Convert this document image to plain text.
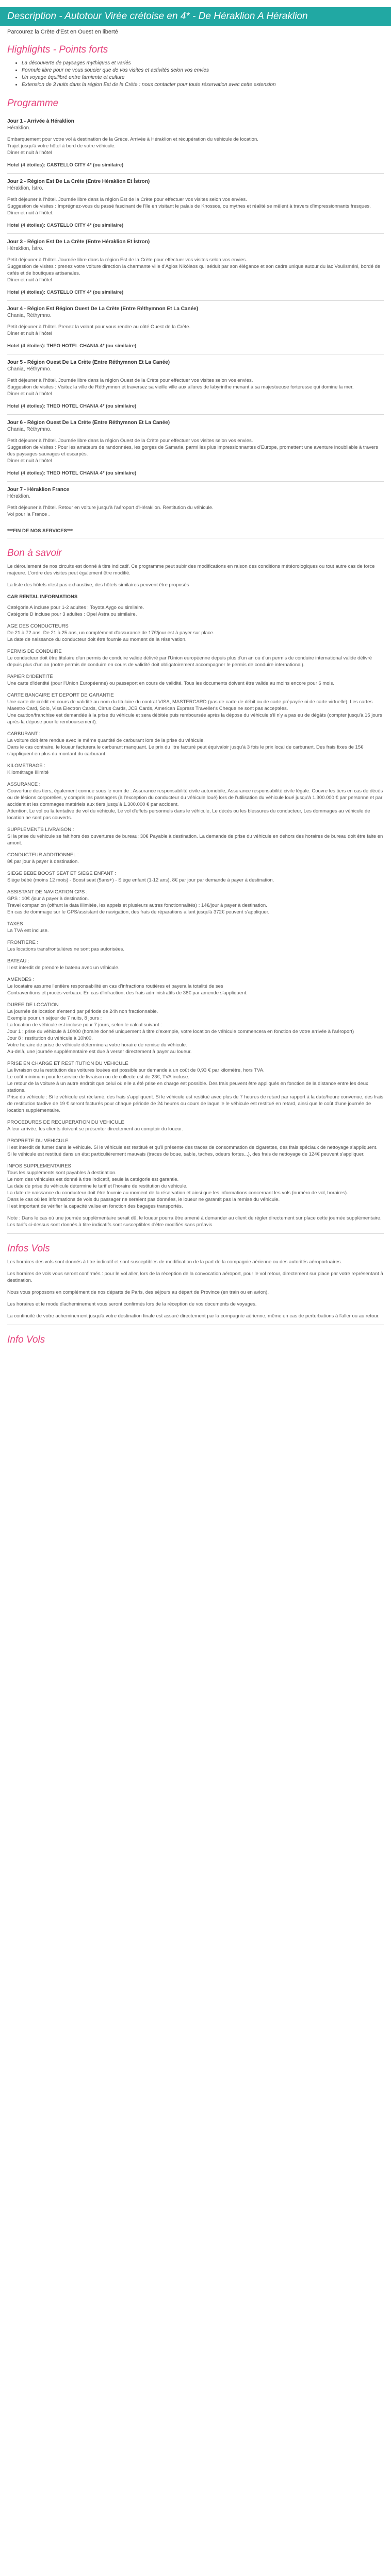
Description - Autotour Virée crétoise en 4* - De Héraklion A Héraklion
Parcourez la Crète d'Est en Ouest en liberté
Highlights - Points forts
• La découverte de paysages mythiques et variés
• Formule libre pour ne vous soucier que de vos visites et activités selon vos envies
• Un voyage équilibré entre farniente et culture
• Extension de 3 nuits dans la région Est de la Crète : nous contacter pour toute réservation avec cette extension
Programme
Jour 1 - Arrivée à Héraklion
Héraklion.

Embarquement pour votre vol à destination de la Grèce. Arrivée à Héraklion et récupération du véhicule de location.

Trajet jusqu'à votre hôtel à bord de votre véhicule.

Dîner et nuit à l'hôtel

Hotel (4 étoiles): CASTELLO CITY 4* (ou similaire)
Jour 2 - Région Est De La Crète (Entre Héraklion Et Ístron)
Héraklion, Ístro.

Petit déjeuner à l'hôtel. Journée libre dans la région Est de la Crète pour effectuer vos visites selon vos envies.

Suggestion de visites : Imprégnez-vous du passé fascinant de l'île en visitant le palais de Knossos, ou mythes et réalité se mêlent à travers d'impressionnants fresques.

Dîner et nuit à l'hôtel.

Hotel (4 étoiles): CASTELLO CITY 4* (ou similaire)
Jour 3 - Région Est De La Crète (Entre Héraklion Et Ístron)
Héraklion, Ístro.

Petit déjeuner à l'hôtel. Journée libre dans la région Est de la Crète pour effectuer vos visites selon vos envies.

Suggestion de visites : prenez votre voiture direction la charmante ville d'Ágios Nikólaos qui séduit par son élégance et son cadre unique autour du lac Voulisméni, bordé de cafés et de boutiques artisanales.

Dîner et nuit à l'hôtel

Hotel (4 étoiles): CASTELLO CITY 4* (ou similaire)
Jour 4 - Région Est Région Ouest De La Crète (Entre Réthymnon Et La Canée)
Chania, Réthymno.

Petit déjeuner à l'hôtel. Prenez la volant pour vous rendre au côté Ouest de la Crète.

Dîner et nuit à l'hôtel

Hotel (4 étoiles): THEO HOTEL CHANIA 4* (ou similaire)
Jour 5 - Région Ouest De La Crète (Entre Réthymnon Et La Canée)
Chania, Réthymno.

Petit déjeuner à l'hôtel. Journée libre dans la région Ouest de la Crète pour effectuer vos visites selon vos envies.

Suggestion de visites : Visitez la ville de Réthymnon et traversez sa vieille ville aux allures de labyrinthe menant à sa majestueuse forteresse qui domine la mer.

Dîner et nuit à l'hôtel

Hotel (4 étoiles): THEO HOTEL CHANIA 4* (ou similaire)
Jour 6 - Région Ouest De La Crète (Entre Réthymnon Et La Canée)
Chania, Réthymno.

Petit déjeuner à l'hôtel. Journée libre dans la région Ouest de la Crète pour effectuer vos visites selon vos envies.

Suggestion de visites : Pour les amateurs de randonnées, les gorges de Samaria, parmi les plus impressionnantes d'Europe, promettent une aventure inoubliable à travers des paysages sauvages et escarpés.

Dîner et nuit à l'hôtel

Hotel (4 étoiles): THEO HOTEL CHANIA 4* (ou similaire)
Jour 7 - Héraklion France
Héraklion.

Petit déjeuner à l'hôtel. Retour en voiture jusqu'à l'aéroport d'Héraklion. Restitution du véhicule.

Vol pour la France .

***FIN DE NOS SERVICES***
Bon à savoir

Le déroulement de nos circuits est donné à titre indicatif. Ce programme peut subir des modifications en raison des conditions météorologiques ou tout autre cas de force majeure. L'ordre des visites peut également être modifié.

La liste des hôtels n'est pas exhaustive, des hôtels similaires peuvent être proposés

CAR RENTAL INFORMATIONS

Catégorie A incluse pour 1-2 adultes : Toyota Aygo ou similaire.
Catégorie D incluse pour 3 adultes : Opel Astra ou similaire.

AGE DES CONDUCTEURS

De 21 à 72 ans. De 21 à 25 ans, un complément d'assurance de 17€/jour est à payer sur place.
La date de naissance du conducteur doit être fournie au moment de la réservation.

PERMIS DE CONDUIRE

Le conducteur doit être titulaire d'un permis de conduire valide délivré par l'Union européenne depuis plus d'un an ou d'un permis de conduire international valide délivré depuis plus d'un an (notre permis de conduire en cours de validité doit obligatoirement accompagner le permis de conduire international).

PAPIER D'IDENTITÉ

Une carte d'identité (pour l'Union Européenne) ou passeport en cours de validité. Tous les documents doivent être valide au moins encore pour 6 mois.

CARTE BANCAIRE ET DEPORT DE GARANTIE

Une carte de crédit en cours de validité au nom du titulaire du contrat VISA, MASTERCARD (pas de carte de débit ou de carte prépayée ni de carte virtuelle). Les cartes Maestro Card, Solo, Visa Electron Cards, Cirrus Cards, JCB Cards, American Express Traveller's Cheque ne sont pas acceptées.
Une caution/franchise est demandée à la prise du véhicule et sera débitée puis remboursée après la dépose du véhicule s'il n'y a pas eu de dégâts (compter jusqu'à 15 jours après la dépose pour le remboursement).

CARBURANT :

La voiture doit être rendue avec le même quantité de carburant lors de la prise du véhicule.
Dans le cas contraire, le loueur facturera le carburant manquant. Le prix du litre facturé peut équivaloir jusqu'à 3 fois le prix local de carburant. Des frais fixes de 15€ s'appliquent en plus du montant du carburant.

KILOMETRAGE :

Kilométrage Illimité

ASSURANCE :

Couverture des tiers, également connue sous le nom de : Assurance responsabilité civile automobile, Assurance responsabilité civile légale. Couvre les tiers en cas de décès ou de lésions corporelles, y compris les passagers (à l'exception du conducteur du véhicule loué) lors de l'utilisation du véhicule loué jusqu'à 1.300.000 € par personne et par accident et les dommages matériels aux tiers jusqu'à 1.300.000 € par accident.
Attention, Le vol ou la tentative de vol du véhicule, Le vol d'effets personnels dans le véhicule, Le décès ou les blessures du conducteur, Les dommages au véhicule de location ne sont pas couverts.

SUPPLEMENTS LIVRAISON :

Si la prise du véhicule se fait hors des ouvertures de bureau: 30€ Payable à destination. La demande de prise du véhicule en dehors des horaires de bureau doit être faite en amont.

CONDUCTEUR ADDITIONNEL :

8€ par jour à payer à destination.

SIEGE BEBE BOOST SEAT ET SIEGE ENFANT :

Siège bébé (moins 12 mois) - Boost seat (5ans+) - Siège enfant (1-12 ans), 8€ par jour par demande à payer à destination.

ASSISTANT DE NAVIGATION GPS :

GPS : 10€ /jour à payer à destination.
Travel companion (offrant la data illimitée, les appels et plusieurs autres fonctionnalités) : 14€/jour à payer à destination.
En cas de dommage sur le GPS/assistant de navigation, des frais de réparations allant jusqu'à 372€ peuvent s'appliquer.

TAXES :

La TVA est incluse.

FRONTIERE :

Les locations transfrontalières ne sont pas autorisées.

BATEAU :

Il est interdit de prendre le bateau avec un véhicule.

AMENDES :

Le locataire assume l'entière responsabilité en cas d'infractions routières et payera la totalité de ses
Contraventions et procès-verbaux. En cas d'infraction, des frais administratifs de 38€ par amende s'appliquent.

DUREE DE LOCATION

La journée de location s'entend par période de 24h non fractionnable.
Exemple pour un séjour de 7 nuits, 8 jours :
La location de véhicule est incluse pour 7 jours, selon le calcul suivant :
Jour 1 : prise du véhicule à 10h00 (horaire donné uniquement à titre d'exemple, votre location de véhicule commencera en fonction de votre arrivée à l'aéroport)
Jour 8 : restitution du véhicule à 10h00.
Votre horaire de prise de véhicule déterminera votre horaire de remise du véhicule.
Au-delà, une journée supplémentaire est due à verser directement à payer au loueur.

PRISE EN CHARGE ET RESTITUTION DU VEHICULE

La livraison ou la restitution des voitures louées est possible sur demande à un coût de 0,93 € par kilomètre, hors TVA.
Le coût minimum pour le service de livraison ou de collecte est de 23€, TVA incluse.
Le retour de la voiture à un autre endroit que celui où elle a été prise en charge est possible. Des frais peuvent être appliqués en fonction de la distance entre les deux stations.
Prise du véhicule : Si le véhicule est réclamé, des frais s'appliquent. Si le véhicule est restitué avec plus de 7 heures de retard par rapport à la date/heure convenue, des frais de restitution tardive de 19 € seront facturés pour chaque période de 24 heures ou cours de laquelle le véhicule est restitué en retard, ainsi que le coût d'une journée de location supplémentaire.

PROCEDURES DE RECUPERATION DU VEHICULE

A leur arrivée, les clients doivent se présenter directement au comptoir du loueur.

PROPRETE DU VEHICULE

Il est interdit de fumer dans le véhicule. Si le véhicule est restitué et qu'il présente des traces de consommation de cigarettes, des frais spéciaux de nettoyage s'appliquent.
Si le véhicule est restitué dans un état particulièrement mauvais (traces de boue, sable, taches, odeurs fortes...), des frais de nettoyage de 124€ peuvent s'appliquer.

INFOS SUPPLEMENTAIRES

Tous les suppléments sont payables à destination.
Le nom des véhicules est donné à titre indicatif, seule la catégorie est garantie.
La date de prise du véhicule détermine le tarif et l'horaire de restitution du véhicule.
La date de naissance du conducteur doit être fournie au moment de la réservation et ainsi que les informations concernant les vols (numéro de vol, horaires).
Dans le cas où les informations de vols du passager ne seraient pas données, le loueur ne garantit pas la remise du véhicule.
Il est important de vérifier la capacité valise en fonction des bagages transportés.

Note : Dans le cas où une journée supplémentaire serait dû, le loueur pourra être amené à demander au client de régler directement sur place cette journée supplémentaire.
Les tarifs ci-dessus sont donnés à titre indicatifs sont susceptibles d'être modifiés sans préavis.

Infos Vols

Les horaires des vols sont donnés à titre indicatif et sont susceptibles de modification de la part de la compagnie aérienne ou des autorités aéroportuaires.

Les horaires de vols vous seront confirmés : pour le vol aller, lors de la réception de la convocation aéroport, pour le vol retour, directement sur place par votre représentant à destination.

Nous vous proposons en complément de nos départs de Paris, des séjours au départ de Province (en train ou en avion).

Les horaires et le mode d'acheminement vous seront confirmés lors de la réception de vos documents de voyages.

La continuité de votre acheminement jusqu'à votre destination finale est assuré directement par la compagnie aérienne, même en cas de perturbations à l'aller ou au retour.

Info Vols
